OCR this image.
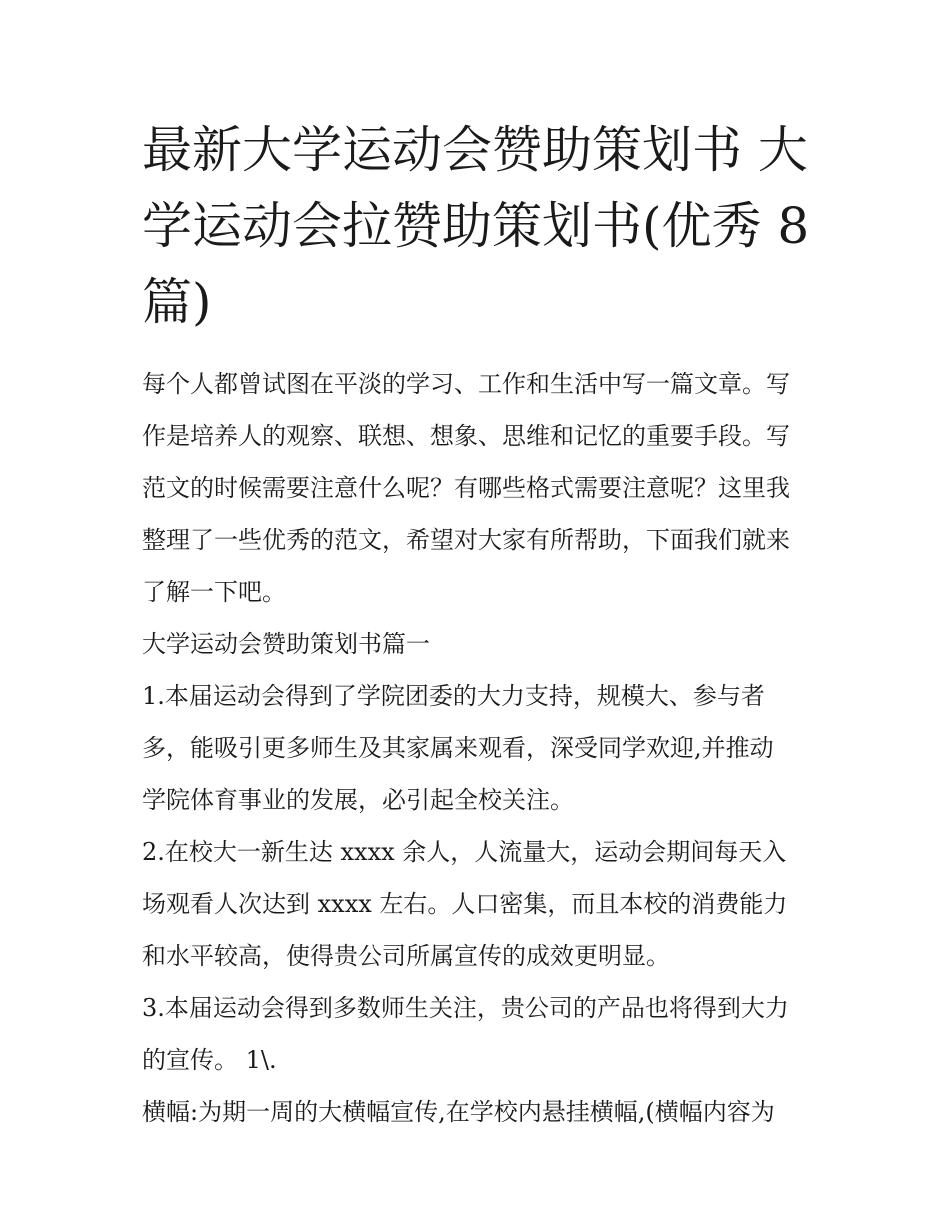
最新大学运动会赞助策划书 大
学运动会拉赞助策划书(优秀 8
篇)

每个人都曾试图在平淡的学习、工作和生活中写一篇文章。写
作是培养人的观察、联想、想象、思维和记忆的重要手段。写
范文的时候需要注意什么呢？有哪些格式需要注意呢？这里我
整理了一些优秀的范文，希望对大家有所帮助，下面我们就来
了解一下吧。

大学运动会赞助策划书篇一

1.本届运动会得到了学院团委的大力支持，规模大、参与者
多，能吸引更多师生及其家属来观看，深受同学欢迎,并推动
学院体育事业的发展，必引起全校关注。

2.在校大一新生达 xxxx 余人，人流量大，运动会期间每天入
场观看人次达到 xxxx 左右。人口密集，而且本校的消费能力
和水平较高，使得贵公司所属宣传的成效更明显。

3.本届运动会得到多数师生关注，贵公司的产品也将得到大力
的宣传。 1\.

横幅:为期一周的大横幅宣传,在学校内悬挂横幅,(横幅内容为
